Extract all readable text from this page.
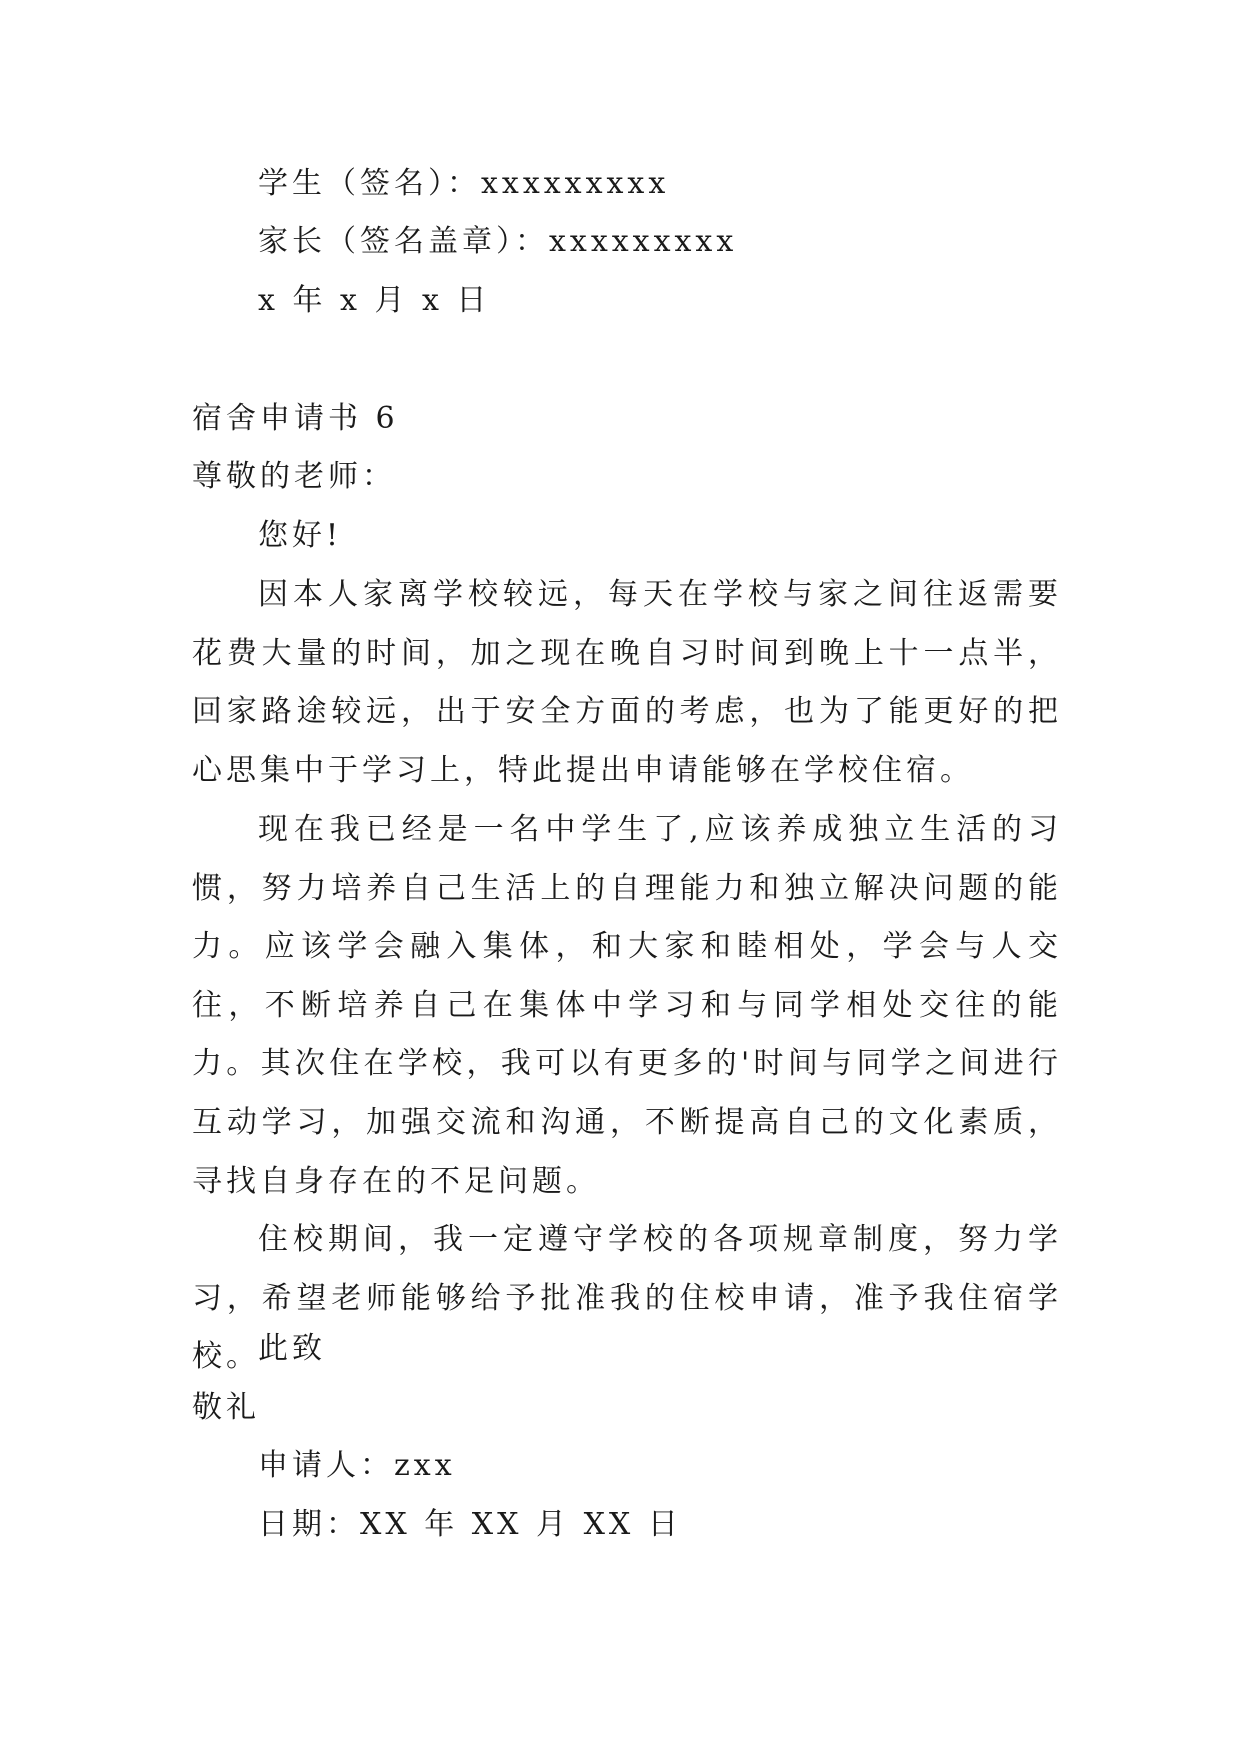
学生（签名）：xxxxxxxxx
家长（签名盖章）：xxxxxxxxx
x 年 x 月 x 日
宿舍申请书 6
尊敬的老师：
您好!

因本人家离学校较远，每天在学校与家之间往返需要花费大量的时间，加之现在晚自习时间到晚上十一点半，回家路途较远，出于安全方面的考虑，也为了能更好的把心思集中于学习上，特此提出申请能够在学校住宿。

现在我已经是一名中学生了,应该养成独立生活的习惯，努力培养自己生活上的自理能力和独立解决问题的能力。应该学会融入集体，和大家和睦相处，学会与人交往，不断培养自己在集体中学习和与同学相处交往的能力。其次住在学校，我可以有更多的'时间与同学之间进行互动学习，加强交流和沟通，不断提高自己的文化素质，寻找自身存在的不足问题。

住校期间，我一定遵守学校的各项规章制度，努力学习，希望老师能够给予批准我的住校申请，准予我住宿学校。

此致
敬礼
申请人：zxx
日期：XX 年 XX 月 XX 日
